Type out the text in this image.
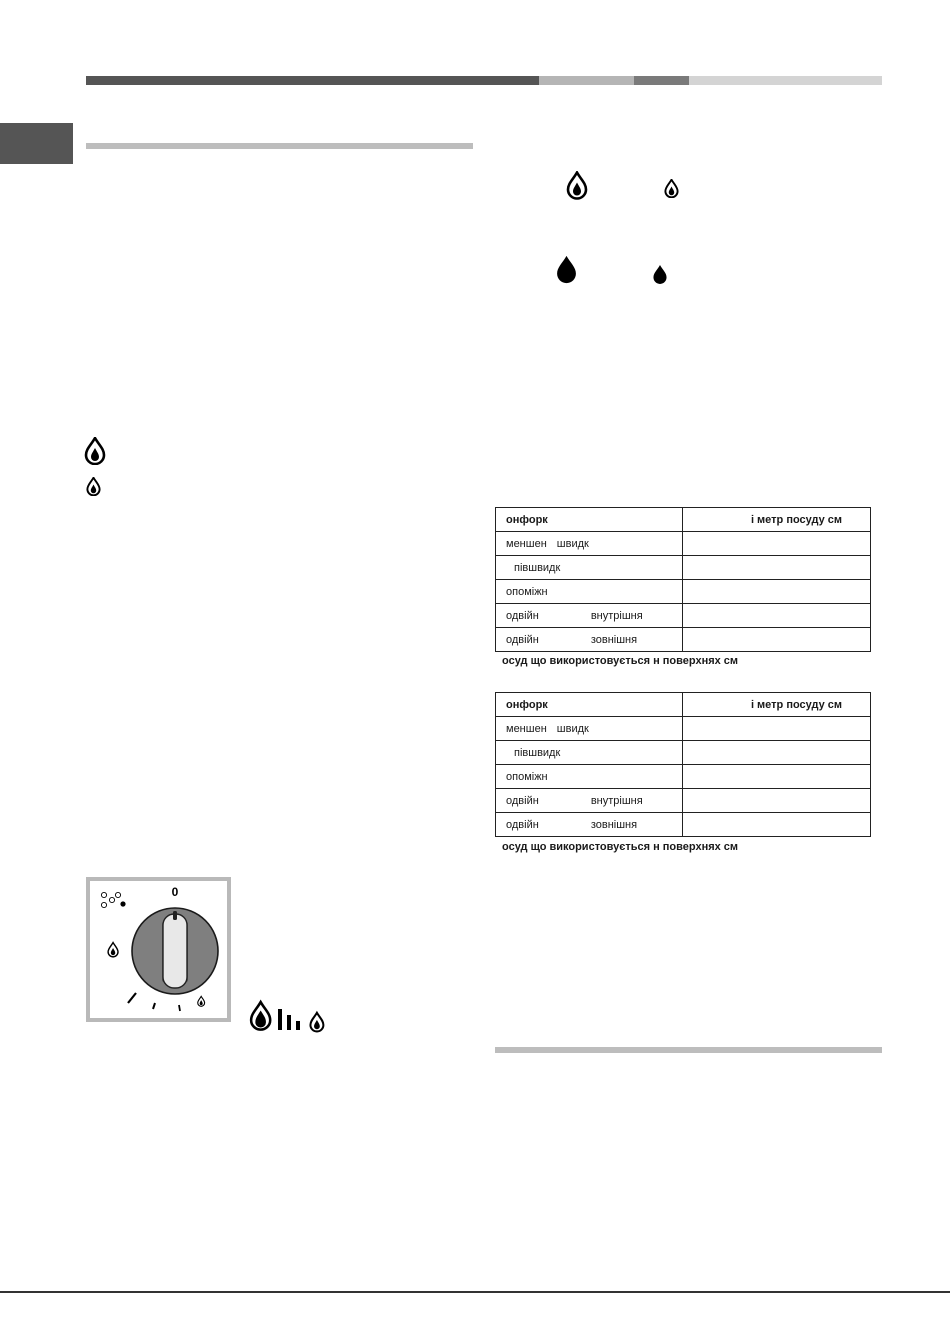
онфорк	і метр посуду см
меншен швидк	
півшвидк	
опоміжн	
одвійн внутрішня	
одвійн зовнішня	
осуд що використовується н поверхнях см
онфорк	і метр посуду см
меншен швидк	
півшвидк	
опоміжн	
одвійн внутрішня	
одвійн зовнішня	
осуд що використовується н поверхнях см
0
